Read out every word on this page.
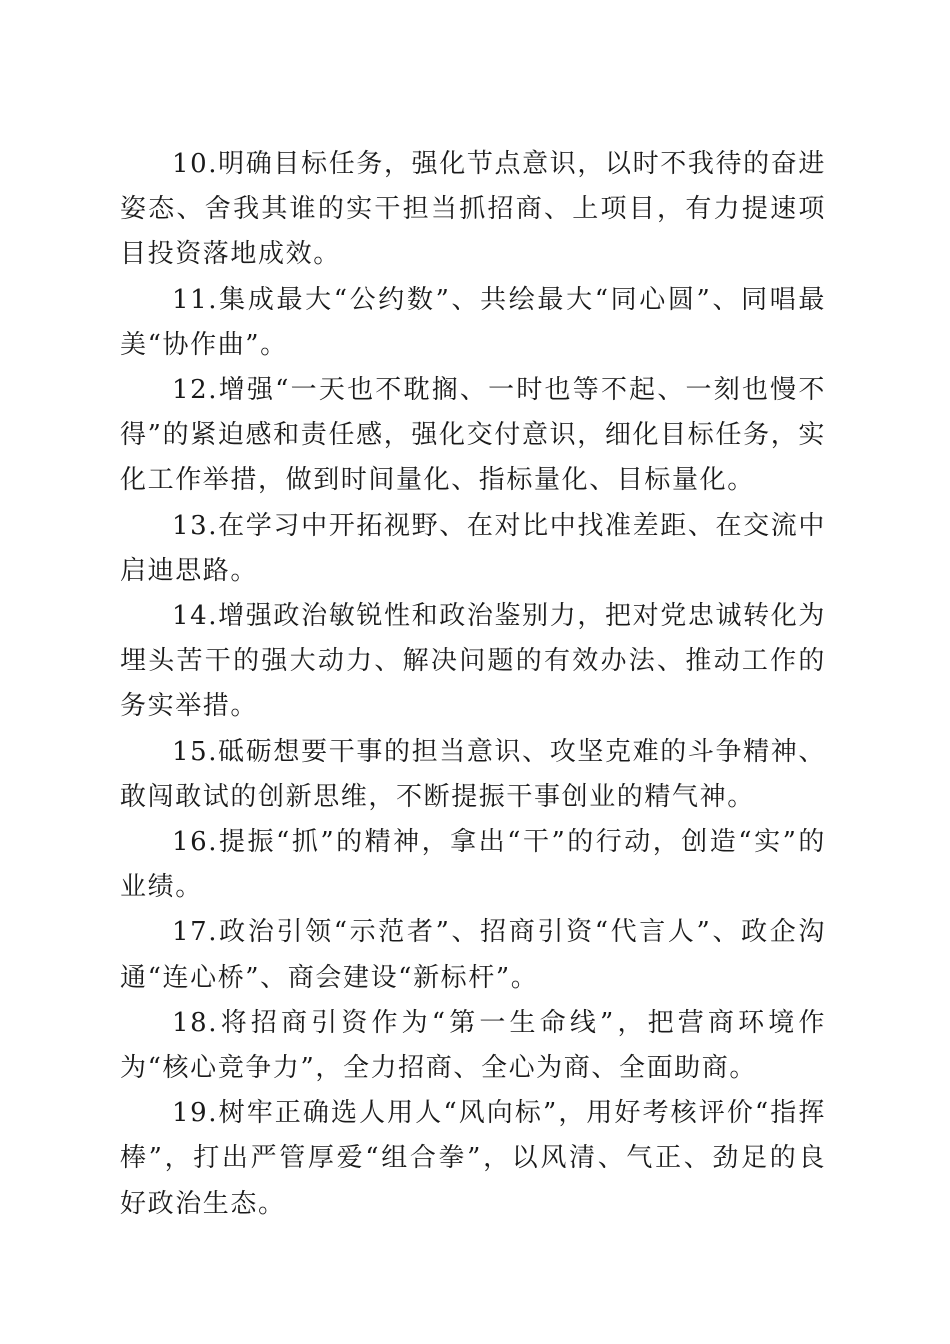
10.明确目标任务，强化节点意识，以时不我待的奋进姿态、舍我其谁的实干担当抓招商、上项目，有力提速项目投资落地成效。

11.集成最大“公约数”、共绘最大“同心圆”、同唱最美“协作曲”。

12.增强“一天也不耽搁、一时也等不起、一刻也慢不得”的紧迫感和责任感，强化交付意识，细化目标任务，实化工作举措，做到时间量化、指标量化、目标量化。

13.在学习中开拓视野、在对比中找准差距、在交流中启迪思路。

14.增强政治敏锐性和政治鉴别力，把对党忠诚转化为埋头苦干的强大动力、解决问题的有效办法、推动工作的务实举措。

15.砥砺想要干事的担当意识、攻坚克难的斗争精神、敢闯敢试的创新思维，不断提振干事创业的精气神。

16.提振“抓”的精神，拿出“干”的行动，创造“实”的业绩。

17.政治引领“示范者”、招商引资“代言人”、政企沟通“连心桥”、商会建设“新标杆”。

18.将招商引资作为“第一生命线”，把营商环境作为“核心竞争力”，全力招商、全心为商、全面助商。

19.树牢正确选人用人“风向标”，用好考核评价“指挥棒”，打出严管厚爱“组合拳”，以风清、气正、劲足的良好政治生态。
